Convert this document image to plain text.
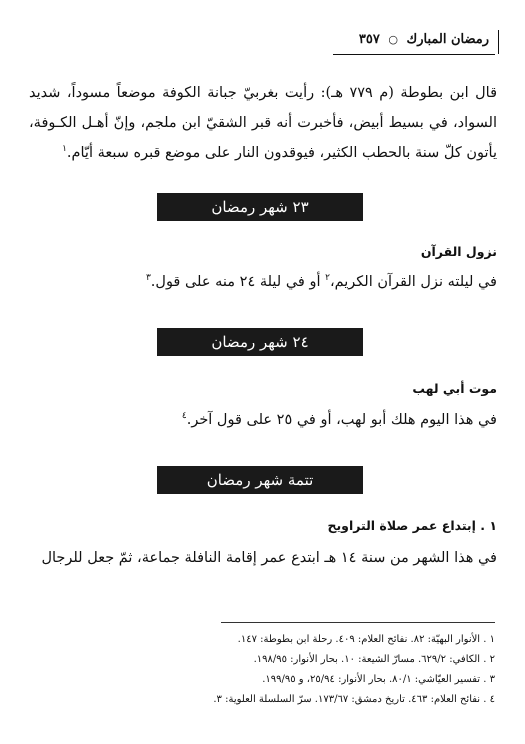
رمضان المبارك ○ ٣٥٧

قال ابن بطوطة (م ٧٧٩ هـ): رأيت بغربيّ جبانة الكوفة موضعاً مسوداً، شديد السواد، في بسيط أبيض، فأخبرت أنه قبر الشقيّ ابن ملجم، وإنّ أهـل الكـوفة، يأتون كلّ سنة بالحطب الكثير، فيوقدون النار على موضع قبره سبعة أيّام.$^١$

٢٣ شهر رمضان
نزول القرآن

في ليلته نزل القرآن الكريم،$^٢$ أو في ليلة ٢٤ منه على قول.$^٣$

٢٤ شهر رمضان
موت أبي لهب

في هذا اليوم هلك أبو لهب، أو في ٢٥ على قول آخر.$^٤$

تتمة شهر رمضان
١ . إبتداع عمر صلاة التراويح

في هذا الشهر من سنة ١٤ هـ ابتدع عمر إقامة النافلة جماعة، ثمّ جعل للرجال

١ . الأنوار البهيّة: ٨٢. نفائح العلام: ٤٠٩. رحلة ابن بطوطة: ١٤٧.
٢ . الكافي: ٦٢٩/٢. مسارّ الشيعة: ١٠. بحار الأنوار: ١٩٨/٩٥.
٣ . تفسير العيّاشي: ٨٠/١. بحار الأنوار: ٢٥/٩٤، و ١٩٩/٩٥.
٤ . نفائح العلام: ٤٦٣. تاريخ دمشق: ١٧٣/٦٧. سرّ السلسلة العلوية: ٣.
